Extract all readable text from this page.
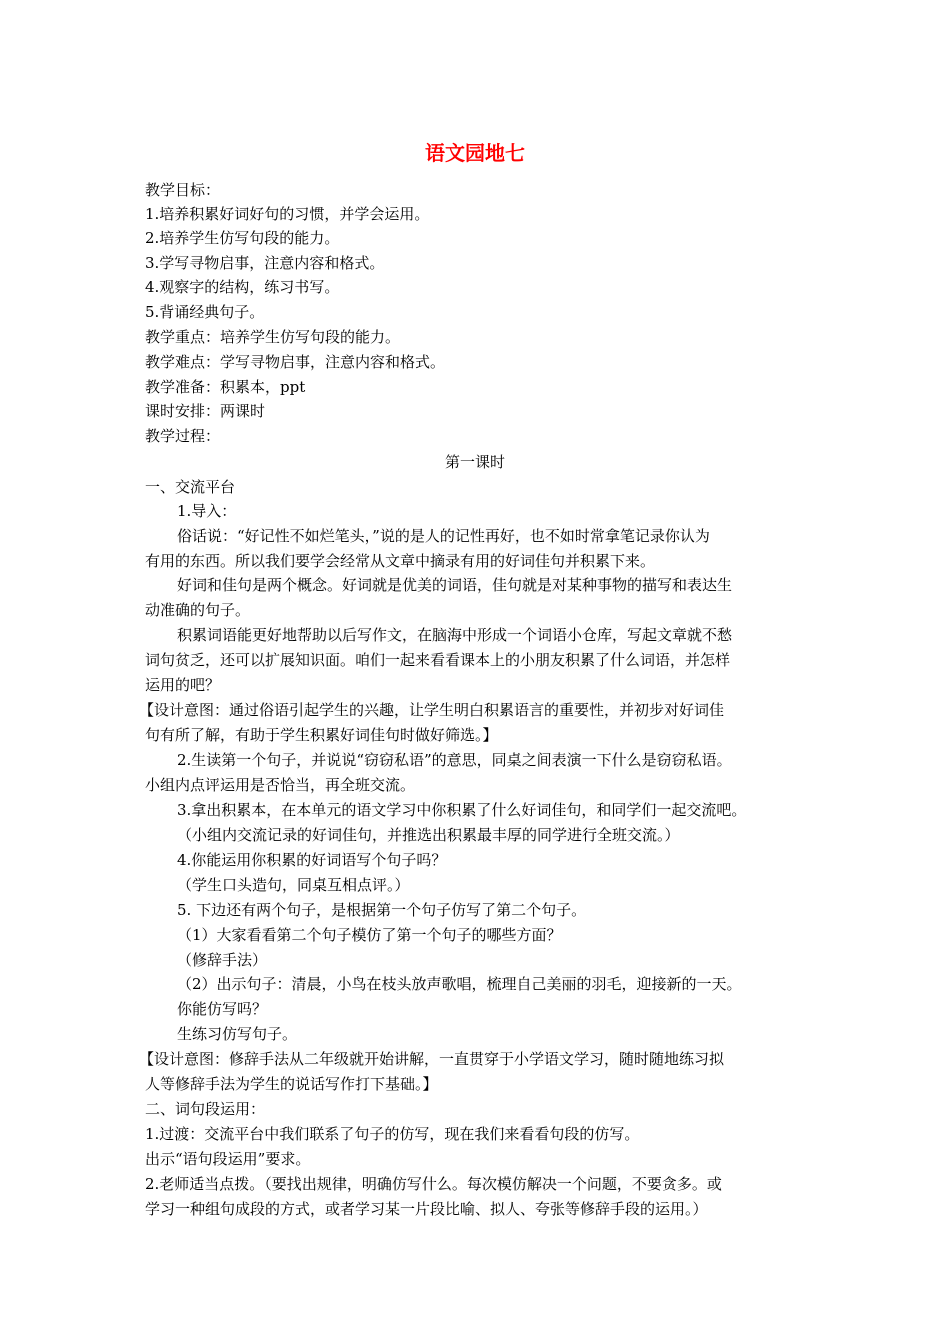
语文园地七
教学目标：
1.培养积累好词好句的习惯，并学会运用。
2.培养学生仿写句段的能力。
3.学写寻物启事，注意内容和格式。
4.观察字的结构，练习书写。
5.背诵经典句子。
教学重点：培养学生仿写句段的能力。
教学难点：学写寻物启事，注意内容和格式。
教学准备：积累本，ppt
课时安排：两课时
教学过程：
第一课时
一、交流平台
1.导入：
俗话说：“好记性不如烂笔头，”说的是人的记性再好，也不如时常拿笔记录你认为
有用的东西。所以我们要学会经常从文章中摘录有用的好词佳句并积累下来。
好词和佳句是两个概念。好词就是优美的词语，佳句就是对某种事物的描写和表达生
动准确的句子。
积累词语能更好地帮助以后写作文，在脑海中形成一个词语小仓库，写起文章就不愁
词句贫乏，还可以扩展知识面。咱们一起来看看课本上的小朋友积累了什么词语，并怎样
运用的吧？
【设计意图：通过俗语引起学生的兴趣，让学生明白积累语言的重要性，并初步对好词佳
句有所了解，有助于学生积累好词佳句时做好筛选。】
2.生读第一个句子，并说说“窃窃私语”的意思，同桌之间表演一下什么是窃窃私语。
小组内点评运用是否恰当，再全班交流。
3.拿出积累本，在本单元的语文学习中你积累了什么好词佳句，和同学们一起交流吧。
（小组内交流记录的好词佳句，并推选出积累最丰厚的同学进行全班交流。）
4.你能运用你积累的好词语写个句子吗？
（学生口头造句，同桌互相点评。）
5. 下边还有两个句子，是根据第一个句子仿写了第二个句子。
（1）大家看看第二个句子模仿了第一个句子的哪些方面？
（修辞手法）
（2）出示句子：清晨，小鸟在枝头放声歌唱，梳理自己美丽的羽毛，迎接新的一天。
你能仿写吗？
生练习仿写句子。
【设计意图：修辞手法从二年级就开始讲解，一直贯穿于小学语文学习，随时随地练习拟
人等修辞手法为学生的说话写作打下基础。】
二、词句段运用：
1.过渡：交流平台中我们联系了句子的仿写，现在我们来看看句段的仿写。
出示“语句段运用”要求。
2.老师适当点拨。（要找出规律，明确仿写什么。每次模仿解决一个问题，不要贪多。或
学习一种组句成段的方式，或者学习某一片段比喻、拟人、夸张等修辞手段的运用。）
